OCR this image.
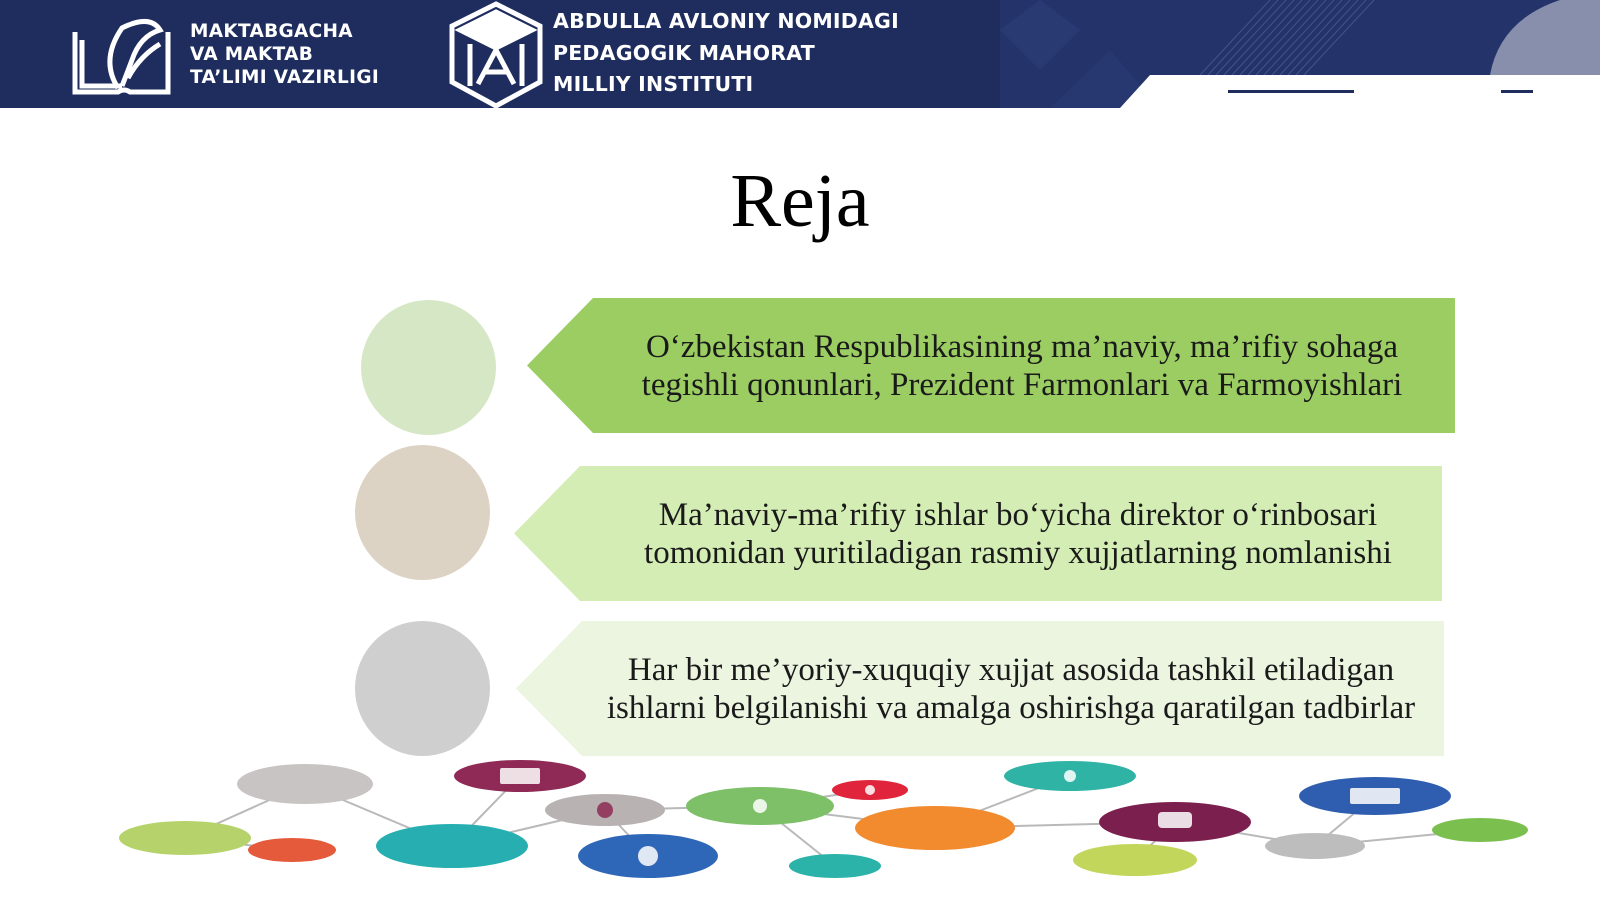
MAKTABGACHA
VA MAKTAB
TA’LIMI VAZIRLIGI
ABDULLA AVLONIY NOMIDAGI
PEDAGOGIK MAHORAT
MILLIY INSTITUTI
Reja
O‘zbekistan Respublikasining ma’naviy, ma’rifiy sohaga tegishli qonunlari, Prezident Farmonlari va Farmoyishlari
Ma’naviy-ma’rifiy ishlar bo‘yicha direktor o‘rinbosari tomonidan yuritiladigan rasmiy xujjatlarning nomlanishi
Har bir me’yoriy-xuquqiy xujjat asosida tashkil etiladigan ishlarni belgilanishi va amalga oshirishga qaratilgan tadbirlar
